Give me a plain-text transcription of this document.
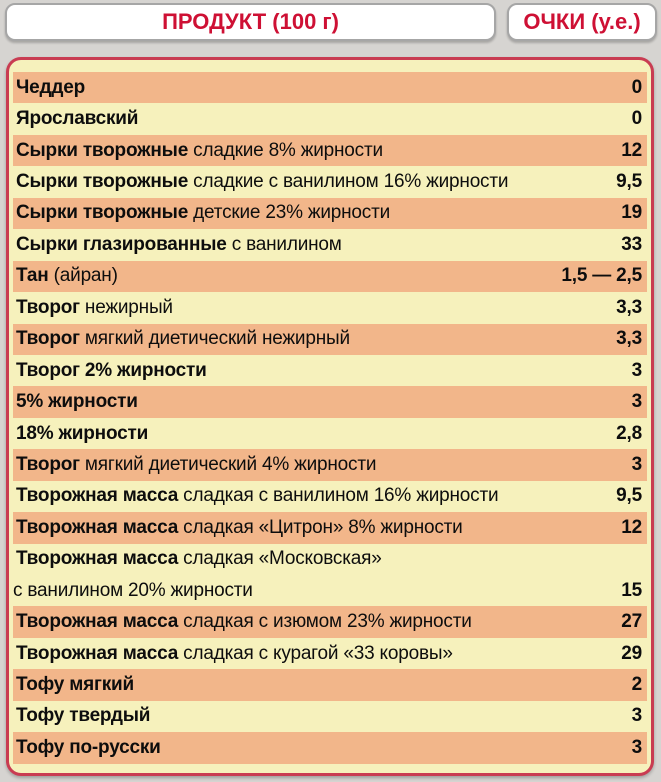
ПРОДУКТ (100 г)	ОЧКИ (у.е.)
Чеддер	0
Ярославский	0
Сырки творожные сладкие 8% жирности	12
Сырки творожные сладкие с ванилином 16% жирности	9,5
Сырки творожные детские 23% жирности	19
Сырки глазированные с ванилином	33
Тан (айран)	1,5 — 2,5
Творог нежирный	3,3
Творог мягкий диетический нежирный	3,3
Творог 2% жирности	3
5% жирности	3
18% жирности	2,8
Творог мягкий диетический 4% жирности	3
Творожная масса сладкая с ванилином 16% жирности	9,5
Творожная масса сладкая «Цитрон» 8% жирности	12
Творожная масса сладкая «Московская»
с ванилином 20% жирности	15
Творожная масса сладкая с изюмом 23% жирности	27
Творожная масса сладкая с курагой «33 коровы»	29
Тофу мягкий	2
Тофу твердый	3
Тофу по-русски	3
